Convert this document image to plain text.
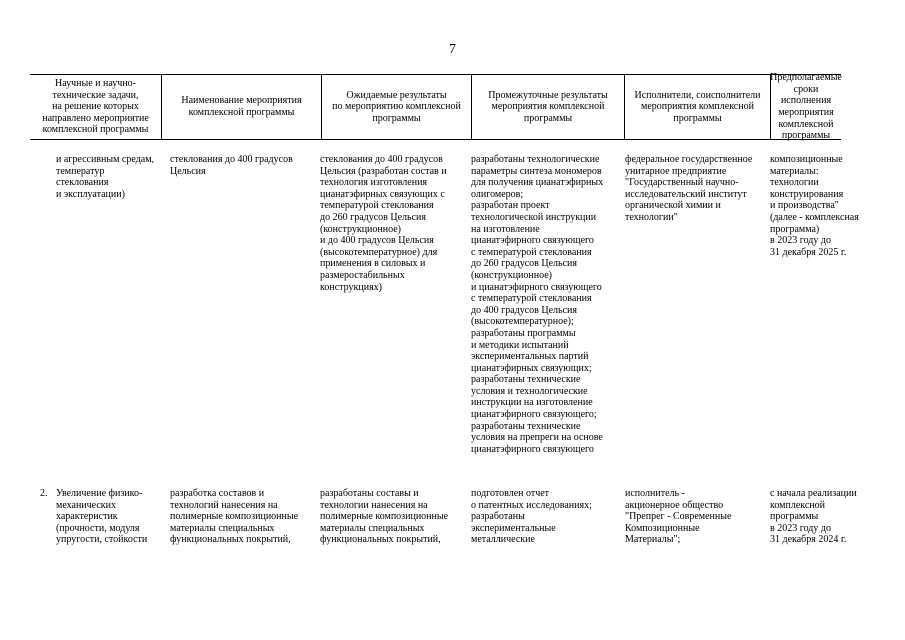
7
Научные и научно-
технические задачи,
на решение которых
направлено мероприятие
комплексной программы
Наименование мероприятия
комплексной программы
Ожидаемые результаты
по мероприятию комплексной
программы
Промежуточные результаты
мероприятия комплексной
программы
Исполнители, соисполнители
мероприятия комплексной
программы
Предполагаемые
сроки исполнения
мероприятия
комплексной
программы
и агрессивным средам,
температур
стеклования
и эксплуатации)
стеклования до 400 градусов
Цельсия
стеклования до 400 градусов
Цельсия (разработан состав и
технология изготовления
цианатэфирных связующих с
температурой стеклования
до 260 градусов Цельсия
(конструкционное)
и до 400 градусов Цельсия
(высокотемпературное) для
применения в силовых и
размеростабильных
конструкциях)
разработаны технологические
параметры синтеза мономеров
для получения цианатэфирных
олигомеров;
разработан проект
технологической инструкции
на изготовление
цианатэфирного связующего
с температурой стеклования
до 260 градусов Цельсия
(конструкционное)
и цианатэфирного связующего
с температурой стеклования
до 400 градусов Цельсия
(высокотемпературное);
разработаны программы
и методики испытаний
экспериментальных партий
цианатэфирных связующих;
разработаны технические
условия и технологические
инструкции на изготовление
цианатэфирного связующего;
разработаны технические
условия на препреги на основе
цианатэфирного связующего
федеральное государственное
унитарное предприятие
"Государственный научно-
исследовательский институт
органической химии и
технологии"
композиционные
материалы:
технологии
конструирования
и производства"
(далее - комплексная
программа)
в 2023 году до
31 декабря 2025 г.
2. Увеличение физико-
механических
характеристик
(прочности, модуля
упругости, стойкости
разработка составов и
технологий нанесения на
полимерные композиционные
материалы специальных
функциональных покрытий,
разработаны составы и
технологии нанесения на
полимерные композиционные
материалы специальных
функциональных покрытий,
подготовлен отчет
о патентных исследованиях;
разработаны
экспериментальные
металлические
исполнитель -
акционерное общество
"Препрег - Современные
Композиционные
Материалы";
с начала реализации
комплексной
программы
в 2023 году до
31 декабря 2024 г.
